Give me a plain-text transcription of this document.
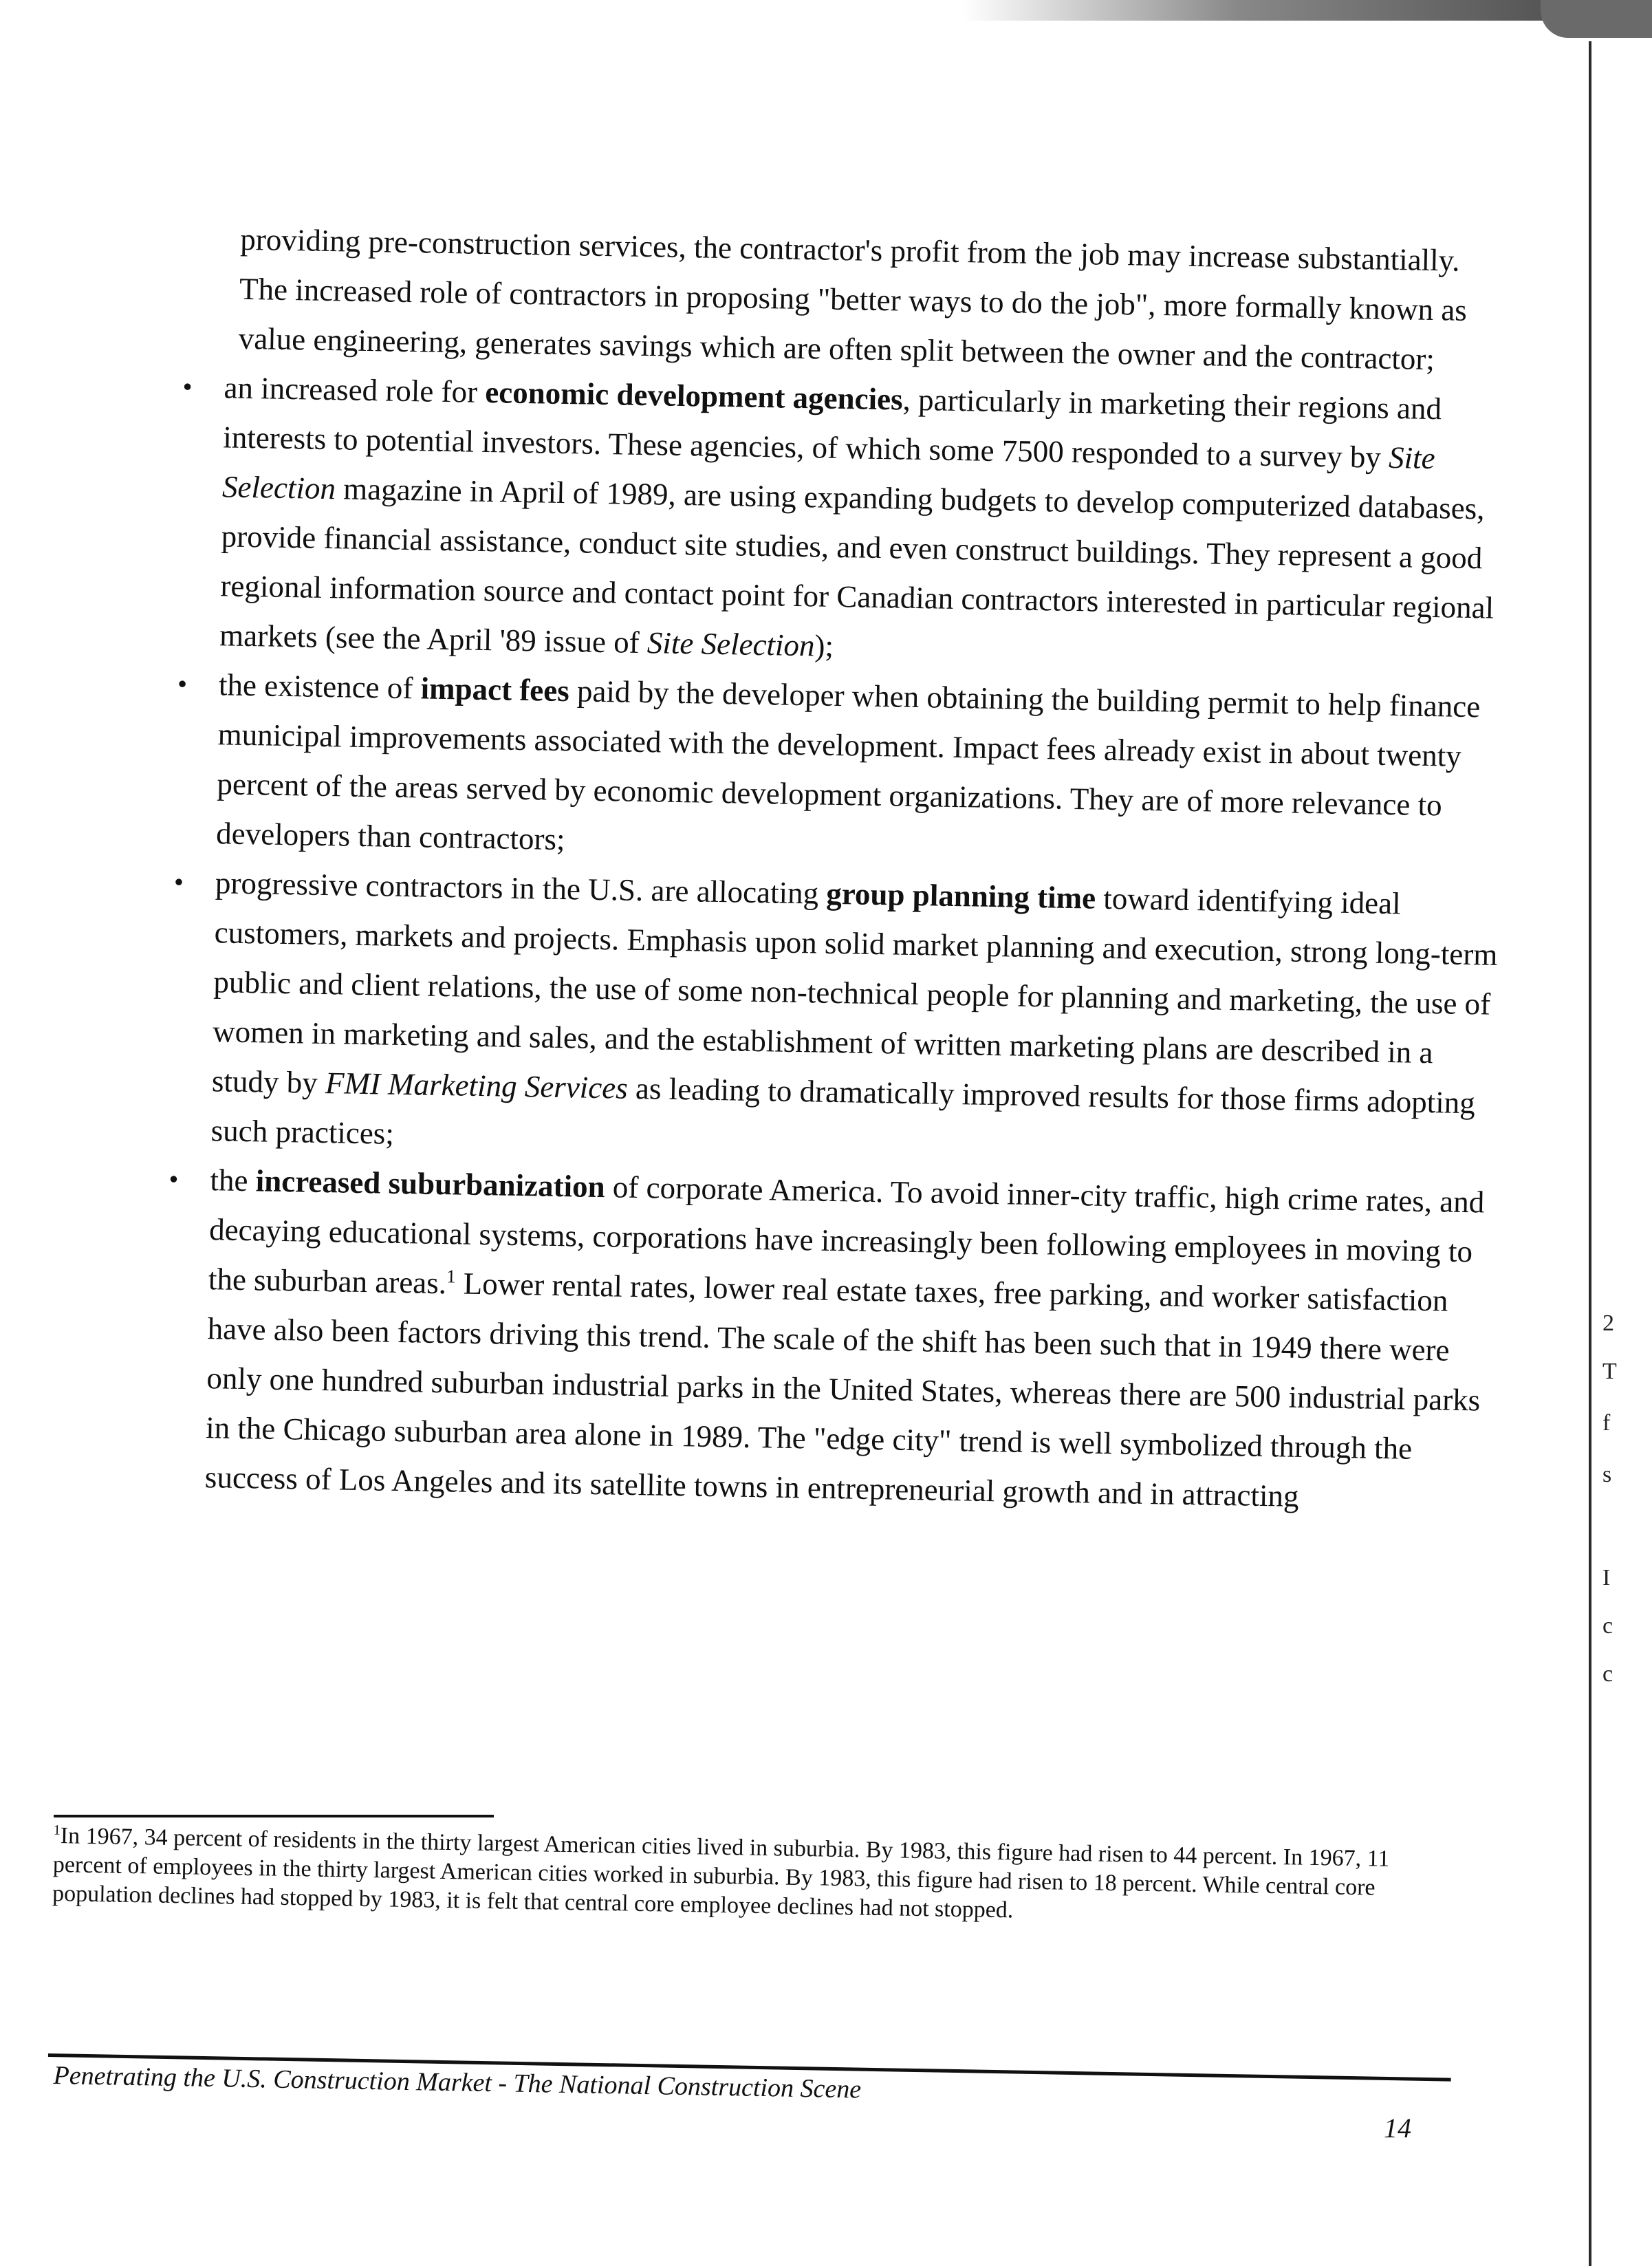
2
T
f
s
I
c
c

providing pre-construction services, the contractor's profit from the job may increase substantially. The increased role of contractors in proposing "better ways to do the job", more formally known as value engineering, generates savings which are often split between the owner and the contractor;

• an increased role for economic development agencies, particularly in marketing their regions and interests to potential investors. These agencies, of which some 7500 responded to a survey by Site Selection magazine in April of 1989, are using expanding budgets to develop computerized databases, provide financial assistance, conduct site studies, and even construct buildings. They represent a good regional information source and contact point for Canadian contractors interested in particular regional markets (see the April '89 issue of Site Selection);
• the existence of impact fees paid by the developer when obtaining the building permit to help finance municipal improvements associated with the development. Impact fees already exist in about twenty percent of the areas served by economic development organizations. They are of more relevance to developers than contractors;
• progressive contractors in the U.S. are allocating group planning time toward identifying ideal customers, markets and projects. Emphasis upon solid market planning and execution, strong long-term public and client relations, the use of some non-technical people for planning and marketing, the use of women in marketing and sales, and the establishment of written marketing plans are described in a study by FMI Marketing Services as leading to dramatically improved results for those firms adopting such practices;
• the increased suburbanization of corporate America. To avoid inner-city traffic, high crime rates, and decaying educational systems, corporations have increasingly been following employees in moving to the suburban areas.$^1$ Lower rental rates, lower real estate taxes, free parking, and worker satisfaction have also been factors driving this trend. The scale of the shift has been such that in 1949 there were only one hundred suburban industrial parks in the United States, whereas there are 500 industrial parks in the Chicago suburban area alone in 1989. The "edge city" trend is well symbolized through the success of Los Angeles and its satellite towns in entrepreneurial growth and in attracting
$^1$In 1967, 34 percent of residents in the thirty largest American cities lived in suburbia. By 1983, this figure had risen to 44 percent. In 1967, 11 percent of employees in the thirty largest American cities worked in suburbia. By 1983, this figure had risen to 18 percent. While central core population declines had stopped by 1983, it is felt that central core employee declines had not stopped.
Penetrating the U.S. Construction Market - The National Construction Scene
14
